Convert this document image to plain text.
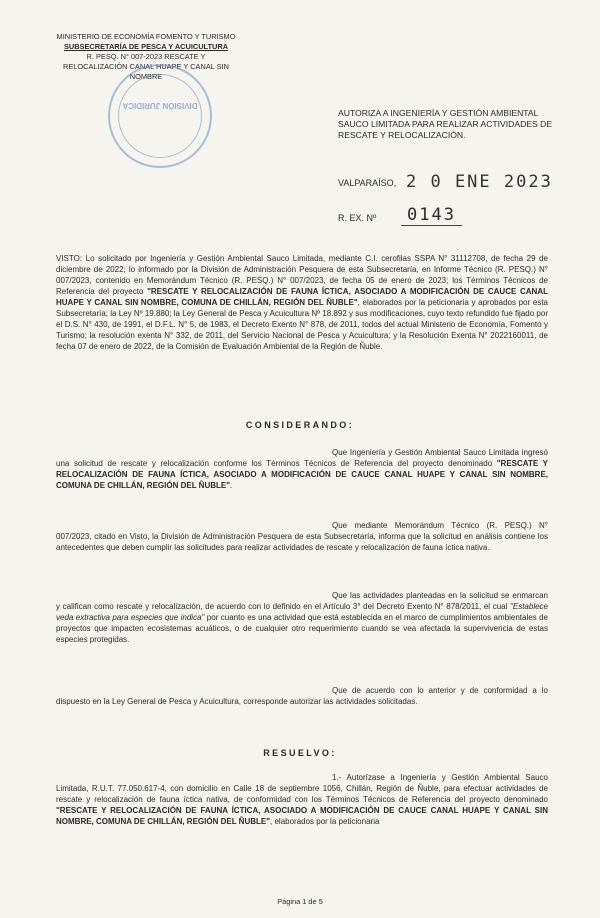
MINISTERIO DE ECONOMÍA FOMENTO Y TURISMO
SUBSECRETARÍA DE PESCA Y ACUICULTURA
R. PESQ. N° 007-2023 RESCATE Y RELOCALIZACIÓN CANAL HUAPE Y CANAL SIN NOMBRE
DIVISIÓN JURÍDICA
AUTORIZA A INGENIERÍA Y GESTIÓN AMBIENTAL SAUCO LIMITADA PARA REALIZAR ACTIVIDADES DE RESCATE Y RELOCALIZACIÓN.
VALPARAÍSO, 2 0 ENE 2023
R. EX. Nº	0143
VISTO: Lo solicitado por Ingeniería y Gestión Ambiental Sauco Limitada, mediante C.I. cerofilas SSPA N° 31112708, de fecha 29 de diciembre de 2022; lo informado por la División de Administración Pesquera de esta Subsecretaría, en Informe Técnico (R. PESQ.) N° 007/2023, contenido en Memorándum Técnico (R. PESQ.) N° 007/2023, de fecha 05 de enero de 2023; los Términos Técnicos de Referencia del proyecto "RESCATE Y RELOCALIZACIÓN DE FAUNA ÍCTICA, ASOCIADO A MODIFICACIÓN DE CAUCE CANAL HUAPE Y CANAL SIN NOMBRE, COMUNA DE CHILLÁN, REGIÓN DEL ÑUBLE", elaborados por la peticionaria y aprobados por esta Subsecretaría; la Ley Nº 19.880; la Ley General de Pesca y Acuicultura Nº 18.892 y sus modificaciones, cuyo texto refundido fue fijado por el D.S. N° 430, de 1991, el D.F.L. N° 5, de 1983, el Decreto Exento N° 878, de 2011, todos del actual Ministerio de Economía, Fomento y Turismo; la resolución exenta N° 332, de 2011, del Servicio Nacional de Pesca y Acuicultura; y la Resolución Exenta N° 2022160011, de fecha 07 de enero de 2022, de la Comisión de Evaluación Ambiental de la Región de Ñuble.
CONSIDERANDO:
Que Ingeniería y Gestión Ambiental Sauco Limitada ingresó una solicitud de rescate y relocalización conforme los Términos Técnicos de Referencia del proyecto denominado "RESCATE Y RELOCALIZACIÓN DE FAUNA ÍCTICA, ASOCIADO A MODIFICACIÓN DE CAUCE CANAL HUAPE Y CANAL SIN NOMBRE, COMUNA DE CHILLÁN, REGIÓN DEL ÑUBLE".
Que mediante Memorándum Técnico (R. PESQ.) N° 007/2023, citado en Visto, la División de Administración Pesquera de esta Subsecretaría, informa que la solicitud en análisis contiene los antecedentes que deben cumplir las solicitudes para realizar actividades de rescate y relocalización de fauna íctica nativa.
Que las actividades planteadas en la solicitud se enmarcan y califican como rescate y relocalización, de acuerdo con lo definido en el Artículo 3° del Decreto Exento N° 878/2011, el cual "Establece veda extractiva para especies que indica" por cuanto es una actividad que está establecida en el marco de cumplimientos ambientales de proyectos que impacten ecosistemas acuáticos, o de cualquier otro requerimiento cuando se vea afectada la supervivencia de estas especies protegidas.
Que de acuerdo con lo anterior y de conformidad a lo dispuesto en la Ley General de Pesca y Acuicultura, corresponde autorizar las actividades solicitadas.
RESUELVO:
1.- Autorízase a Ingeniería y Gestión Ambiental Sauco Limitada, R.U.T. 77.050.617-4, con domicilio en Calle 18 de septiembre 1056, Chillán, Región de Ñuble, para efectuar actividades de rescate y relocalización de fauna íctica nativa, de conformidad con los Términos Técnicos de Referencia del proyecto denominado "RESCATE Y RELOCALIZACIÓN DE FAUNA ÍCTICA, ASOCIADO A MODIFICACIÓN DE CAUCE CANAL HUAPE Y CANAL SIN NOMBRE, COMUNA DE CHILLÁN, REGIÓN DEL ÑUBLE", elaborados por la peticionaria
Página 1 de 5
